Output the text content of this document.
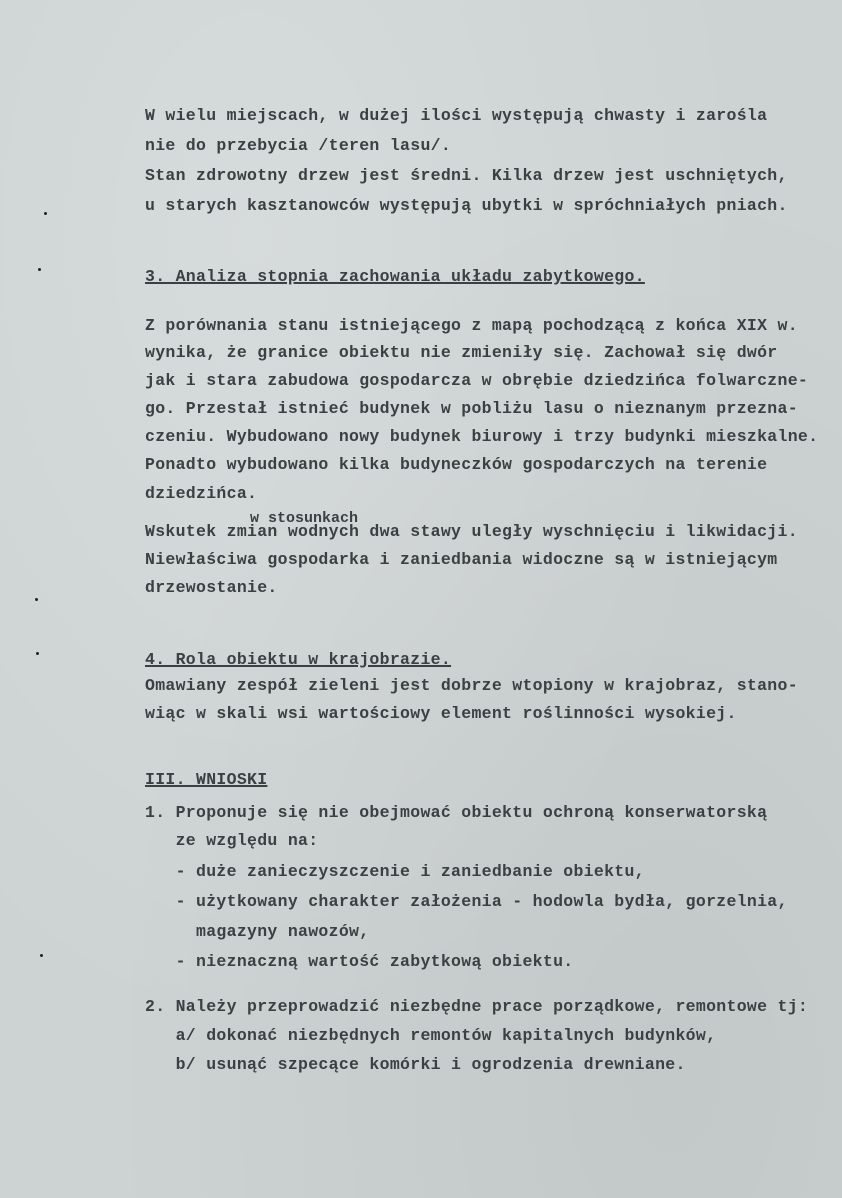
W wielu miejscach, w dużej ilości występują chwasty i zarośla

nie do przebycia /teren lasu/.

Stan zdrowotny drzew jest średni. Kilka drzew jest uschniętych,

u starych kasztanowców występują ubytki w spróchniałych pniach.

3. Analiza stopnia zachowania układu zabytkowego.

Z porównania stanu istniejącego z mapą pochodzącą z końca XIX w.

wynika, że granice obiektu nie zmieniły się. Zachował się dwór

jak i stara zabudowa gospodarcza w obrębie dziedzińca folwarczne-

go. Przestał istnieć budynek w pobliżu lasu o nieznanym przezna-

czeniu. Wybudowano nowy budynek biurowy i trzy budynki mieszkalne.

Ponadto wybudowano kilka budyneczków gospodarczych na terenie

dziedzińca.

w stosunkach

Wskutek zmian wodnych dwa stawy uległy wyschnięciu i likwidacji.

Niewłaściwa gospodarka i zaniedbania widoczne są w istniejącym

drzewostanie.

4. Rola obiektu w krajobrazie.

Omawiany zespół zieleni jest dobrze wtopiony w krajobraz, stano-

wiąc w skali wsi wartościowy element roślinności wysokiej.

III. WNIOSKI

1. Proponuje się nie obejmować obiektu ochroną konserwatorską

ze względu na:

- duże zanieczyszczenie i zaniedbanie obiektu,

- użytkowany charakter założenia - hodowla bydła, gorzelnia,

magazyny nawozów,

- nieznaczną wartość zabytkową obiektu.

2. Należy przeprowadzić niezbędne prace porządkowe, remontowe tj:

a/ dokonać niezbędnych remontów kapitalnych budynków,

b/ usunąć szpecące komórki i ogrodzenia drewniane.
